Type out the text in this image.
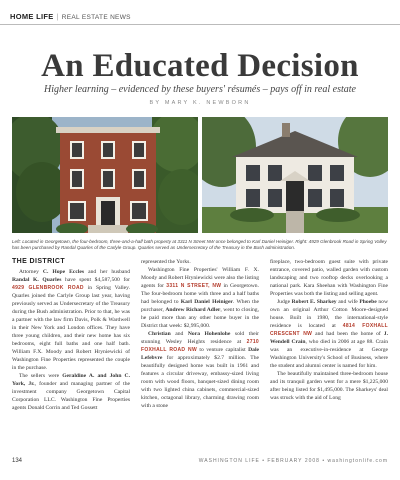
HOME LIFE | REAL ESTATE NEWS
An Educated Decision
Higher learning – evidenced by these buyers' résumés – pays off in real estate
BY MARY K. NEWBORN
Left: Located in Georgetown, the four-bedroom, three-and-a-half bath property at 3311 N Street NW once belonged to Karl Daniel Heiniger. Right: 4929 Glenbrook Road in Spring Valley has been purchased by Randal Quarles of the Carlyle Group. Quarles served as Undersecretary of the Treasury in the Bush administration.
THE DISTRICT

Attorney C. Hope Eccles and her husband Randal K. Quarles have spent $4,587,500 for 4929 GLENBROOK ROAD in Spring Valley. Quarles joined the Carlyle Group last year, having previously served as Undersecretary of the Treasury during the Bush administration. Prior to that, he was a partner with the law firm Davis, Polk & Wardwell in their New York and London offices. They have three young children, and their new home has six bedrooms, eight full baths and one half bath. William F.X. Moody and Robert Hryniewicki of Washington Fine Properties represented the couple in the purchase.

The sellers were Geraldine A. and John C. York, Jr., founder and managing partner of the investment company Georgetown Capital Corporation LLC. Washington Fine Properties agents Donald Corrin and Ted Gossett

represented the Yorks.

Washington Fine Properties' William F. X. Moody and Robert Hryniewicki were also the listing agents for 3311 N STREET, NW in Georgetown. The four-bedroom home with three and a half baths had belonged to Karl Daniel Heiniger. When the purchaser, Andrew Richard Adler, went to closing, he paid more than any other home buyer in the District that week: $2,995,000.

Christian and Nora Hohenlohe sold their stunning Wesley Heights residence at 2710 FOXHALL ROAD NW to venture capitalist Dale Lefebvre for approximately $2.7 million. The beautifully designed home was built in 1961 and features a circular driveway, embassy-sized living room with wood floors, banquet-sized dining room with two lighted china cabinets, commercial-sized kitchen, octagonal library, charming drawing room with a stone

fireplace, two-bedroom guest suite with private entrance, covered patio, walled garden with custom landscaping and two rooftop decks overlooking a national park. Kara Sheehan with Washington Fine Properties was both the listing and selling agent.

Judge Robert E. Sharkey and wife Phoebe now own an original Arthur Cotton Moore-designed house. Built in 1980, the international-style residence is located at 4814 FOXHALL CRESCENT NW and had been the home of J. Wendell Crain, who died in 2006 at age 88. Crain was an executive-in-residence at George Washington University's School of Business, where the student and alumni center is named for him.

The beautifully maintained three-bedroom house and its tranquil garden went for a mere $1,225,000 after being listed for $1,495,000. The Sharkeys' deal was struck with the aid of Long

134	WASHINGTON LIFE • FEBRUARY 2008 • washingtonlife.com
